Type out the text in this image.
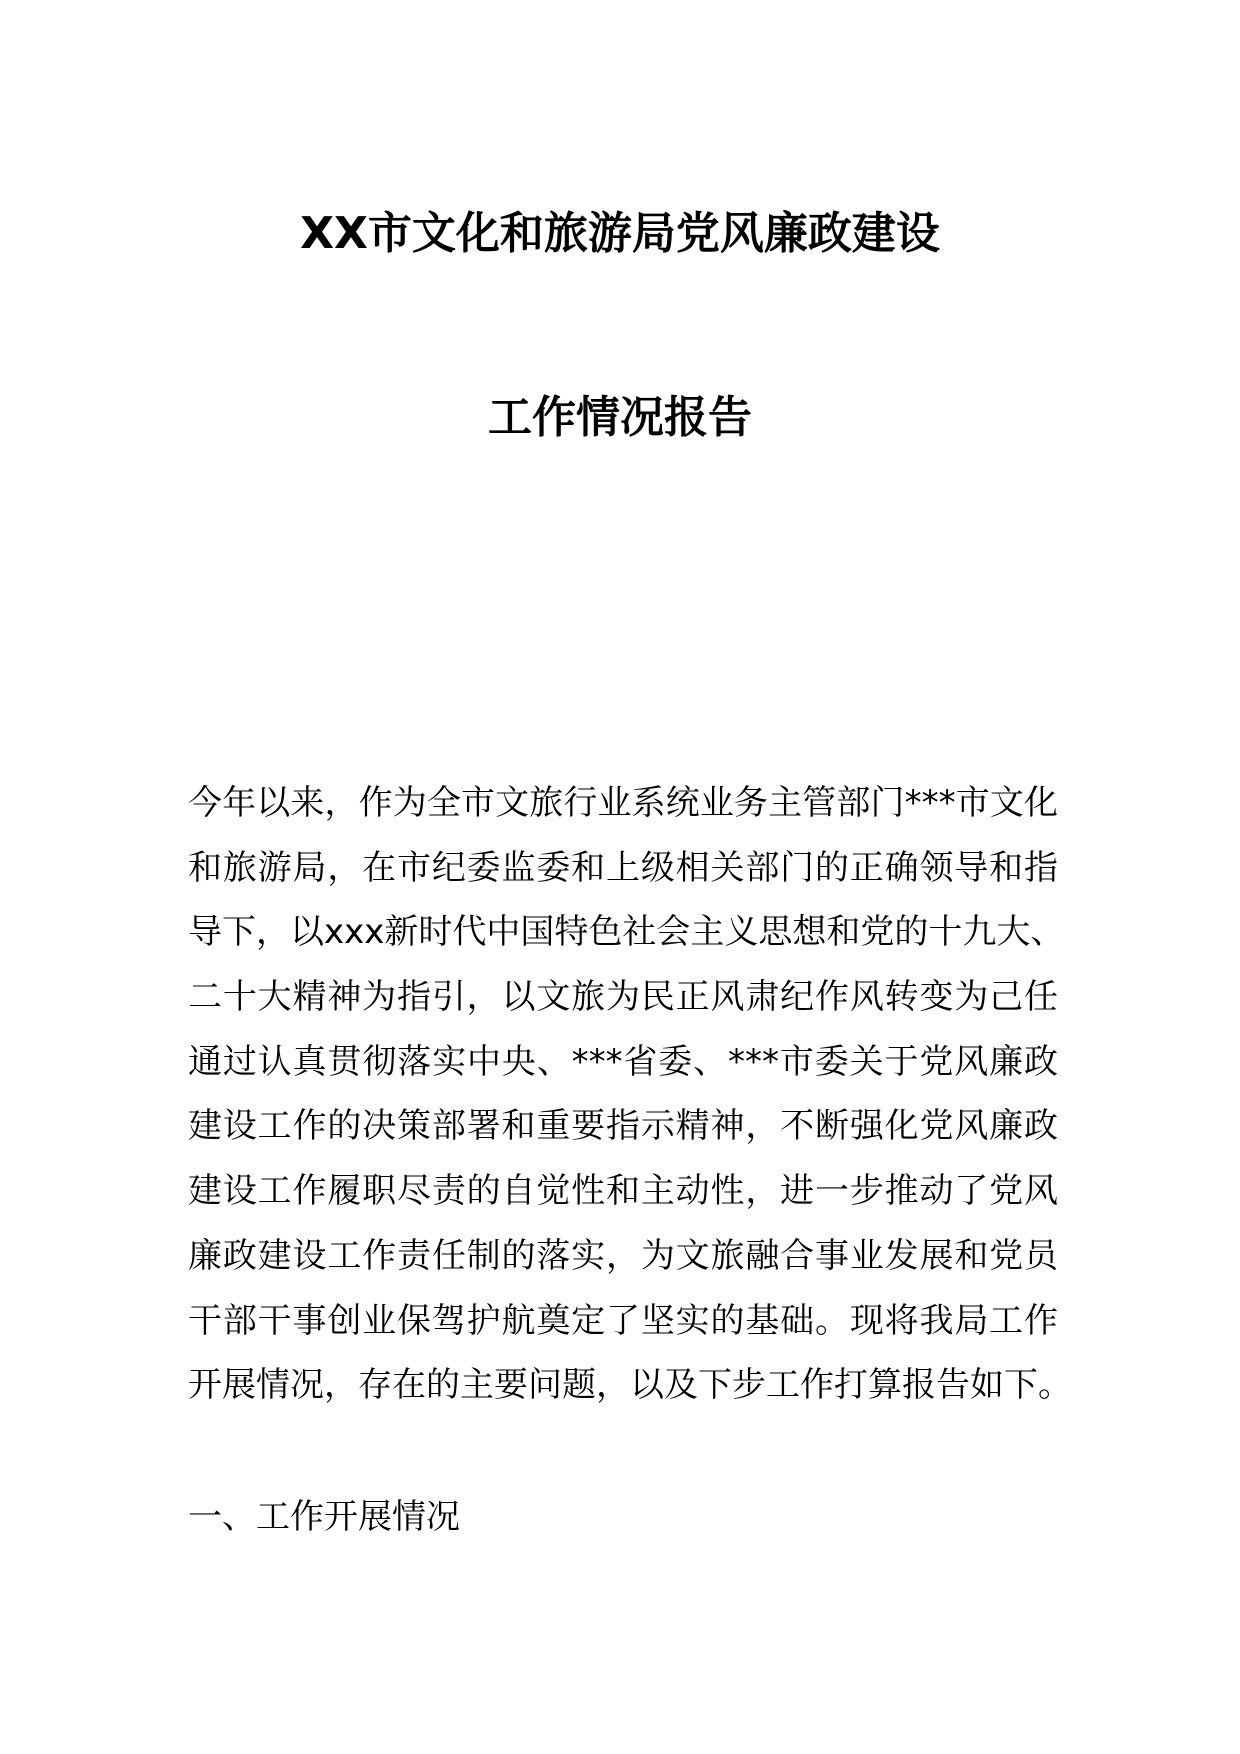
XX市文化和旅游局党风廉政建设
工作情况报告
今年以来，作为全市文旅行业系统业务主管部门***市文化
和旅游局，在市纪委监委和上级相关部门的正确领导和指
导下，以xxx新时代中国特色社会主义思想和党的十九大、
二十大精神为指引，以文旅为民正风肃纪作风转变为己任
通过认真贯彻落实中央、***省委、***市委关于党风廉政
建设工作的决策部署和重要指示精神，不断强化党风廉政
建设工作履职尽责的自觉性和主动性，进一步推动了党风
廉政建设工作责任制的落实，为文旅融合事业发展和党员
干部干事创业保驾护航奠定了坚实的基础。现将我局工作
开展情况，存在的主要问题，以及下步工作打算报告如下。
一、工作开展情况
